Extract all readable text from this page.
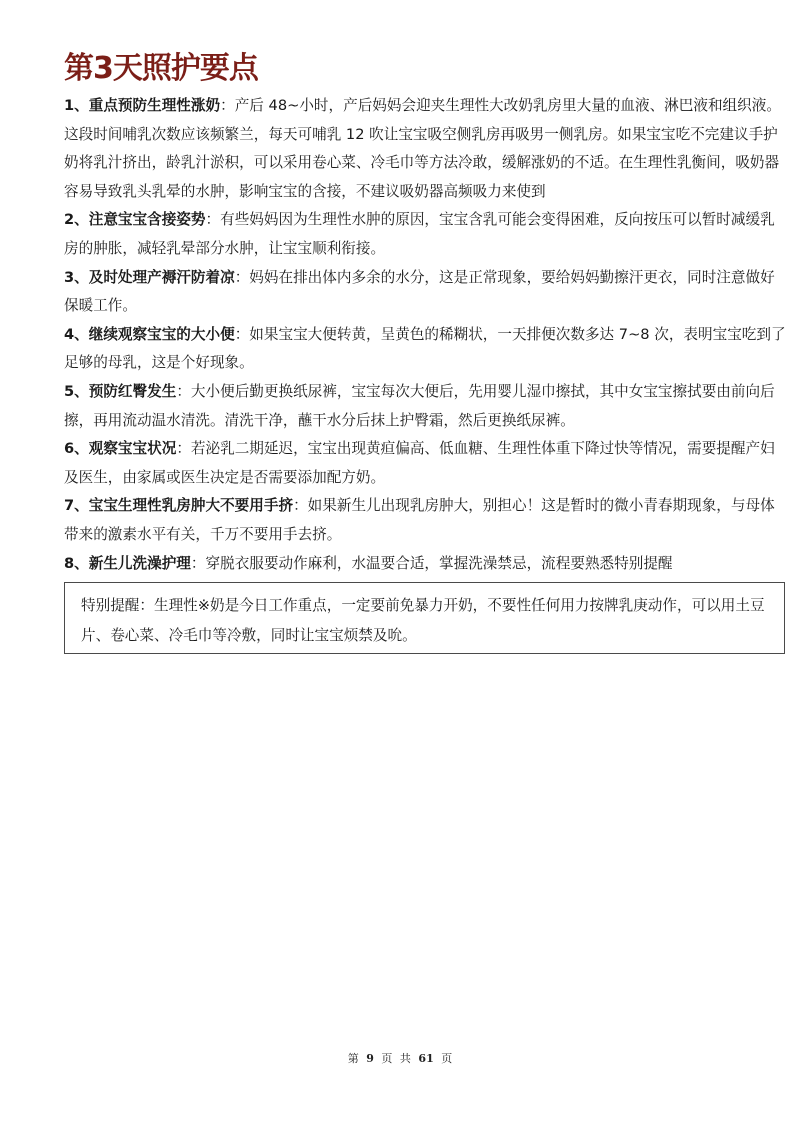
第3天照护要点

1、重点预防生理性涨奶：产后 48~小时，产后妈妈会迎夹生理性大改奶乳房里大量的血液、淋巴液和组织液。这段时间哺乳次数应该频繁兰，每天可哺乳 12 吹让宝宝吸空侧乳房再吸男一侧乳房。如果宝宝吃不完建议手护奶将乳汁挤出，龄乳汁淤积，可以采用卷心菜、冷毛巾等方法冷敢，缓解涨奶的不适。在生理性乳衡间，吸奶器容易导致乳头乳晕的水肿，影响宝宝的含接，不建议吸奶器高频吸力来使到

2、注意宝宝含接姿势：有些妈妈因为生理性水肿的原因，宝宝含乳可能会变得困难，反向按压可以暂时减缓乳房的肿胀，减轻乳晕部分水肿，让宝宝顺利衔接。

3、及时处理产褥汗防着凉：妈妈在排出体内多余的水分，这是正常现象，要给妈妈勤擦汗更衣，同时注意做好保暖工作。

4、继续观察宝宝的大小便：如果宝宝大便转黄，呈黄色的稀糊状，一天排便次数多达 7~8 次，表明宝宝吃到了足够的母乳，这是个好现象。

5、预防红臀发生：大小便后勤更换纸尿裤，宝宝每次大便后，先用婴儿湿巾擦拭，其中女宝宝擦拭要由前向后擦，再用流动温水清洗。清洗干净，蘸干水分后抹上护臀霜，然后更换纸尿裤。

6、观察宝宝状况：若泌乳二期延迟，宝宝出现黄疸偏高、低血糖、生理性体重下降过快等情况，需要提醒产妇及医生，由家属或医生决定是否需要添加配方奶。

7、宝宝生理性乳房肿大不要用手挤：如果新生儿出现乳房肿大，别担心！这是暂时的微小青春期现象，与母体带来的激素水平有关，千万不要用手去挤。

8、新生儿洗澡护理：穿脱衣服要动作麻利，水温要合适，掌握洗澡禁忌，流程要熟悉特别提醒

特别提醒：生理性※奶是今日工作重点，一定要前免暴力开奶，不要性任何用力按牌乳庚动作，可以用土豆片、卷心菜、冷毛巾等冷敷，同时让宝宝烦禁及吮。
第 9 页 共 61 页
